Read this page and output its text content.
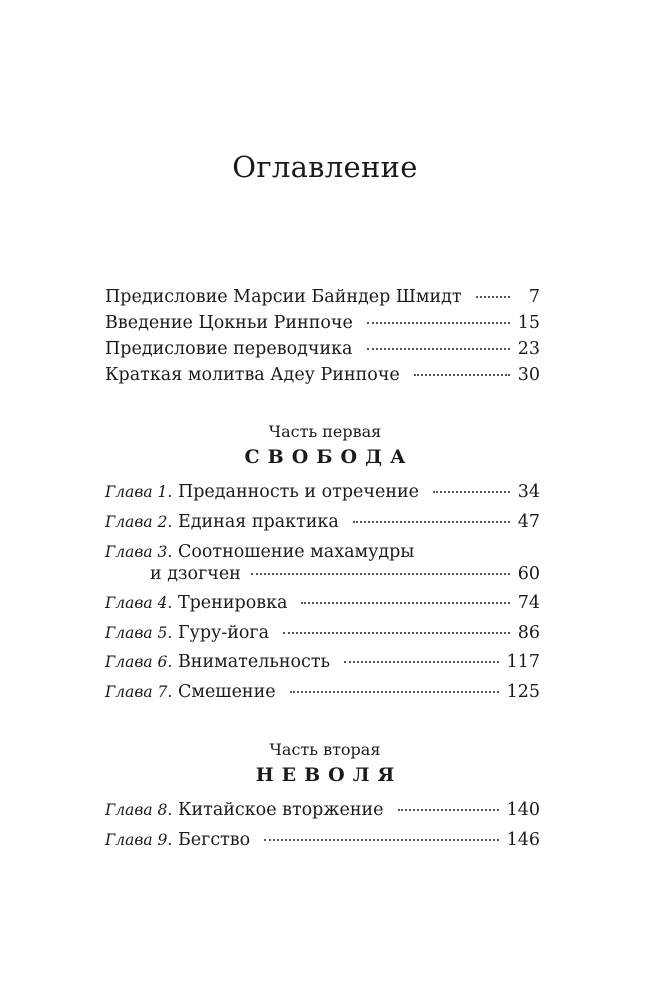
Оглавление
Предисловие Марсии Байндер Шмидт	7
Введение Цокньи Ринпоче	15
Предисловие переводчика	23
Краткая молитва Адеу Ринпоче	30
Часть первая
СВОБОДА
Глава 1. Преданность и отречение	34
Глава 2. Единая практика	47
Глава 3. Соотношение махамудры
и дзогчен	60
Глава 4. Тренировка	74
Глава 5. Гуру-йога	86
Глава 6. Внимательность	117
Глава 7. Смешение	125
Часть вторая
НЕВОЛЯ
Глава 8. Китайское вторжение	140
Глава 9. Бегство	146
